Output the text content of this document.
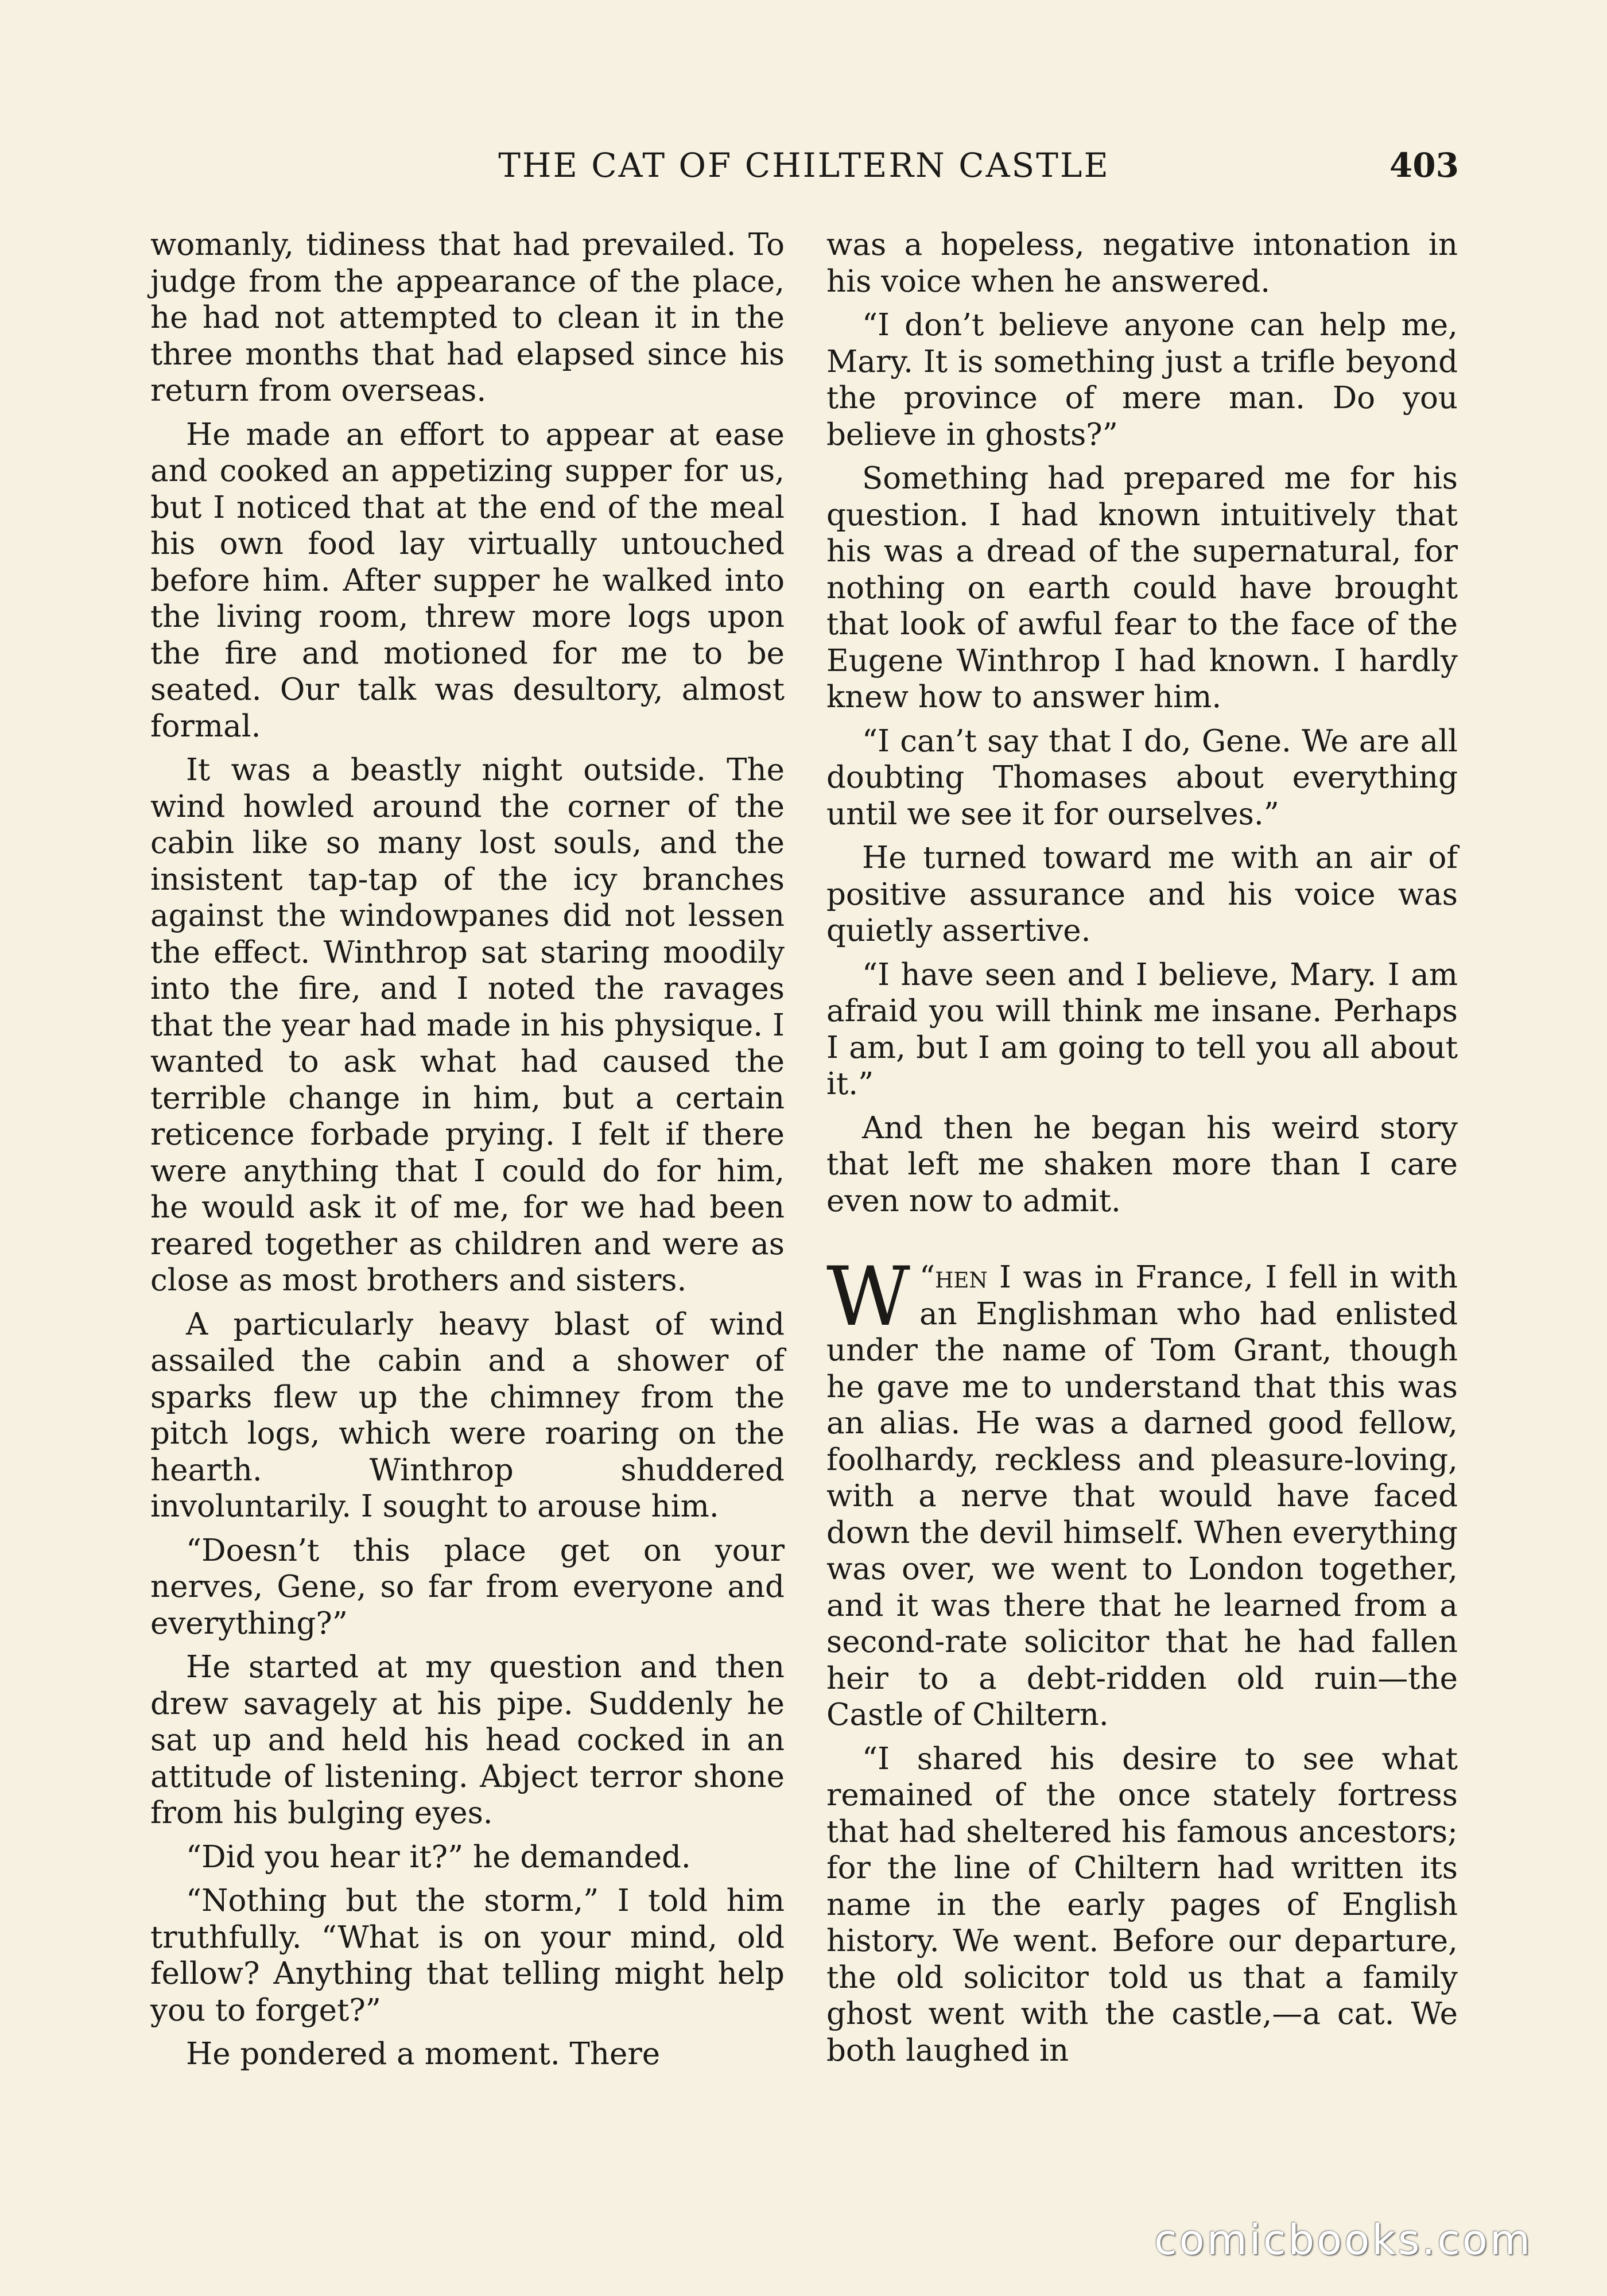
THE CAT OF CHILTERN CASTLE	403

womanly, tidiness that had prevailed. To judge from the appearance of the place, he had not attempted to clean it in the three months that had elapsed since his return from overseas.

He made an effort to appear at ease and cooked an appetizing supper for us, but I noticed that at the end of the meal his own food lay virtually untouched before him. After supper he walked into the living room, threw more logs upon the fire and motioned for me to be seated. Our talk was desultory, almost formal.

It was a beastly night outside. The wind howled around the corner of the cabin like so many lost souls, and the insistent tap-tap of the icy branches against the windowpanes did not lessen the effect. Winthrop sat staring moodily into the fire, and I noted the ravages that the year had made in his physique. I wanted to ask what had caused the terrible change in him, but a certain reticence forbade prying. I felt if there were anything that I could do for him, he would ask it of me, for we had been reared together as children and were as close as most brothers and sisters.

A particularly heavy blast of wind assailed the cabin and a shower of sparks flew up the chimney from the pitch logs, which were roaring on the hearth. Winthrop shuddered involuntarily. I sought to arouse him.

“Doesn’t this place get on your nerves, Gene, so far from everyone and everything?”

He started at my question and then drew savagely at his pipe. Suddenly he sat up and held his head cocked in an attitude of listening. Abject terror shone from his bulging eyes.

“Did you hear it?” he demanded.

“Nothing but the storm,” I told him truthfully. “What is on your mind, old fellow? Anything that telling might help you to forget?”

He pondered a moment. There

was a hopeless, negative intonation in his voice when he answered.

“I don’t believe anyone can help me, Mary. It is something just a trifle beyond the province of mere man. Do you believe in ghosts?”

Something had prepared me for his question. I had known intuitively that his was a dread of the supernatural, for nothing on earth could have brought that look of awful fear to the face of the Eugene Winthrop I had known. I hardly knew how to answer him.

“I can’t say that I do, Gene. We are all doubting Thomases about everything until we see it for ourselves.”

He turned toward me with an air of positive assurance and his voice was quietly assertive.

“I have seen and I believe, Mary. I am afraid you will think me insane. Perhaps I am, but I am going to tell you all about it.”

And then he began his weird story that left me shaken more than I care even now to admit.

“
W hen I was in France, I fell in with an Englishman who had enlisted under the name of Tom Grant, though he gave me to understand that this was an alias. He was a darned good fellow, foolhardy, reckless and pleasure-loving, with a nerve that would have faced down the devil himself. When everything was over, we went to London together, and it was there that he learned from a second-rate solicitor that he had fallen heir to a debt-ridden old ruin—the Castle of Chiltern.

“I shared his desire to see what remained of the once stately fortress that had sheltered his famous ancestors; for the line of Chiltern had written its name in the early pages of English history. We went. Before our departure, the old solicitor told us that a family ghost went with the castle,—a cat. We both laughed in

comicbooks.com
